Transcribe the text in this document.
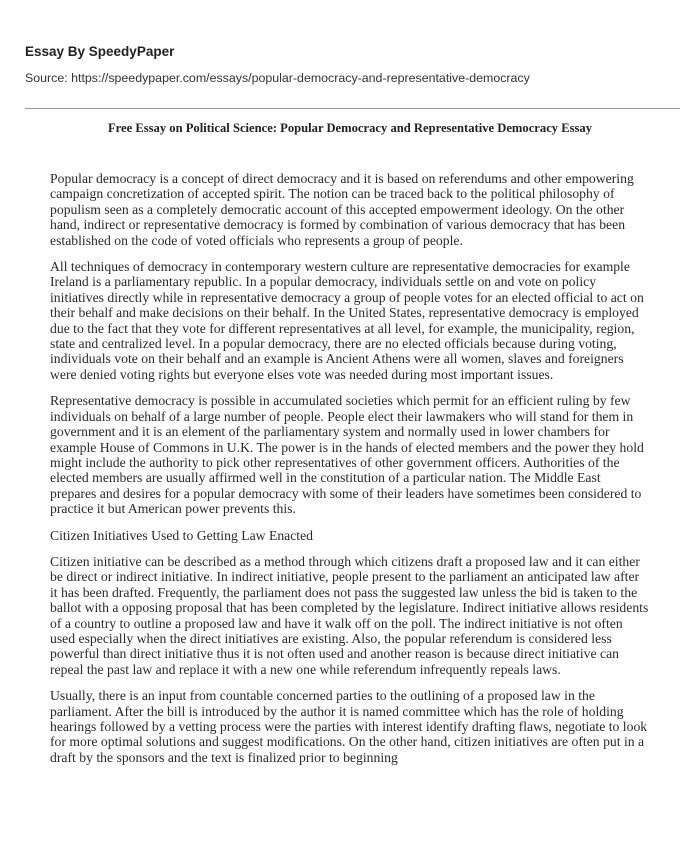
Essay By SpeedyPaper
Source: https://speedypaper.com/essays/popular-democracy-and-representative-democracy
Free Essay on Political Science: Popular Democracy and Representative Democracy Essay

Popular democracy is a concept of direct democracy and it is based on referendums and other empowering campaign concretization of accepted spirit. The notion can be traced back to the political philosophy of populism seen as a completely democratic account of this accepted empowerment ideology. On the other hand, indirect or representative democracy is formed by combination of various democracy that has been established on the code of voted officials who represents a group of people.

All techniques of democracy in contemporary western culture are representative democracies for example Ireland is a parliamentary republic. In a popular democracy, individuals settle on and vote on policy initiatives directly while in representative democracy a group of people votes for an elected official to act on their behalf and make decisions on their behalf. In the United States, representative democracy is employed due to the fact that they vote for different representatives at all level, for example, the municipality, region, state and centralized level. In a popular democracy, there are no elected officials because during voting, individuals vote on their behalf and an example is Ancient Athens were all women, slaves and foreigners were denied voting rights but everyone elses vote was needed during most important issues.

Representative democracy is possible in accumulated societies which permit for an efficient ruling by few individuals on behalf of a large number of people. People elect their lawmakers who will stand for them in government and it is an element of the parliamentary system and normally used in lower chambers for example House of Commons in U.K. The power is in the hands of elected members and the power they hold might include the authority to pick other representatives of other government officers. Authorities of the elected members are usually affirmed well in the constitution of a particular nation. The Middle East prepares and desires for a popular democracy with some of their leaders have sometimes been considered to practice it but American power prevents this.

Citizen Initiatives Used to Getting Law Enacted

Citizen initiative can be described as a method through which citizens draft a proposed law and it can either be direct or indirect initiative. In indirect initiative, people present to the parliament an anticipated law after it has been drafted. Frequently, the parliament does not pass the suggested law unless the bid is taken to the ballot with a opposing proposal that has been completed by the legislature. Indirect initiative allows residents of a country to outline a proposed law and have it walk off on the poll. The indirect initiative is not often used especially when the direct initiatives are existing. Also, the popular referendum is considered less powerful than direct initiative thus it is not often used and another reason is because direct initiative can repeal the past law and replace it with a new one while referendum infrequently repeals laws.

Usually, there is an input from countable concerned parties to the outlining of a proposed law in the parliament. After the bill is introduced by the author it is named committee which has the role of holding hearings followed by a vetting process were the parties with interest identify drafting flaws, negotiate to look for more optimal solutions and suggest modifications. On the other hand, citizen initiatives are often put in a draft by the sponsors and the text is finalized prior to beginning
